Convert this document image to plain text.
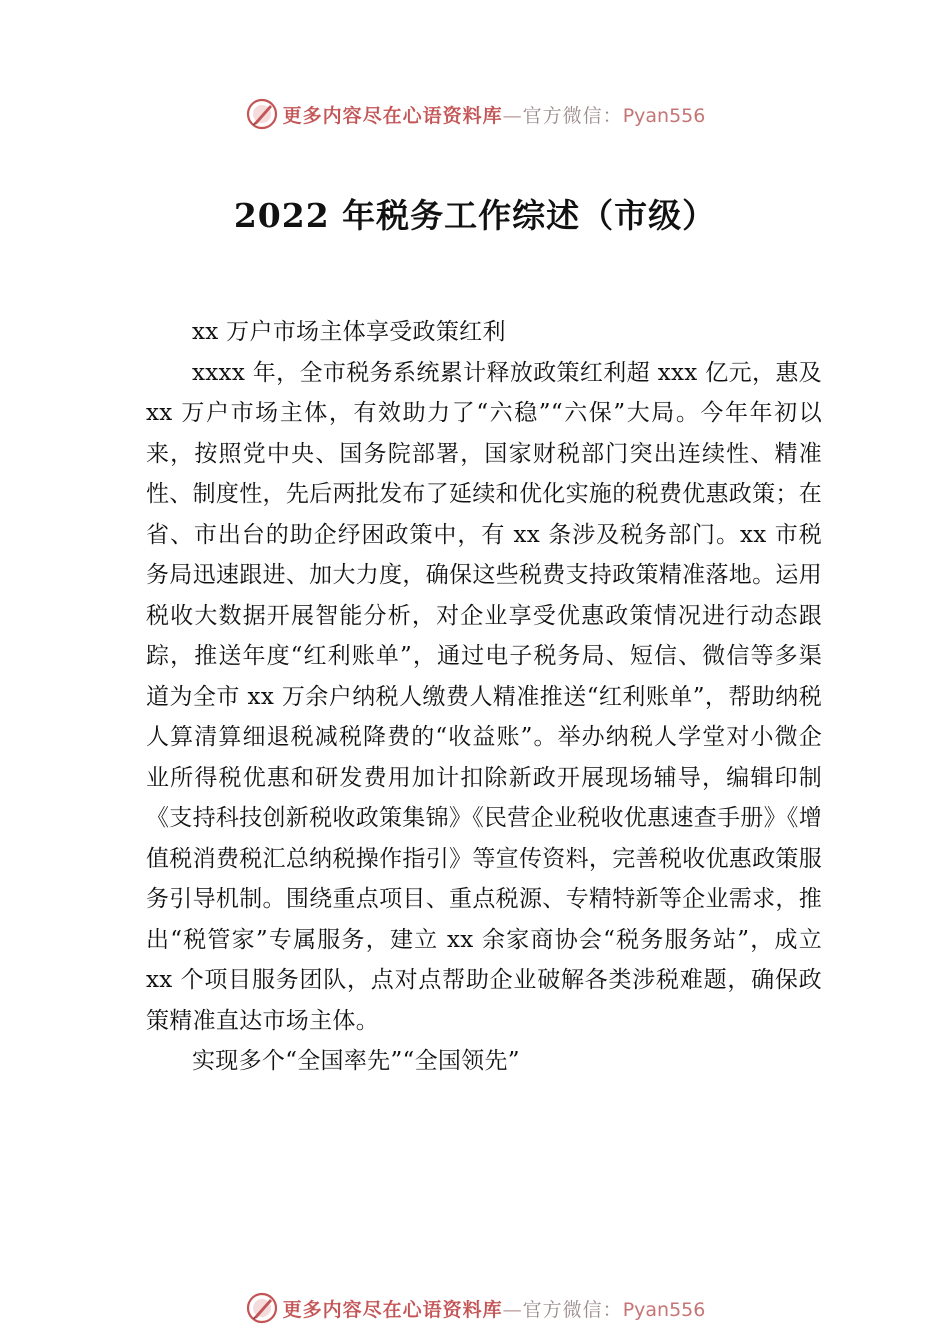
更多内容尽在心语资料库—官方微信：Pyan556
2022 年税务工作综述（市级）

xx 万户市场主体享受政策红利

xxxx 年，全市税务系统累计释放政策红利超 xxx 亿元，惠及 xx 万户市场主体，有效助力了“六稳”“六保”大局。今年年初以来，按照党中央、国务院部署，国家财税部门突出连续性、精准性、制度性，先后两批发布了延续和优化实施的税费优惠政策；在省、市出台的助企纾困政策中，有 xx 条涉及税务部门。xx 市税务局迅速跟进、加大力度，确保这些税费支持政策精准落地。运用税收大数据开展智能分析，对企业享受优惠政策情况进行动态跟踪，推送年度“红利账单”，通过电子税务局、短信、微信等多渠道为全市 xx 万余户纳税人缴费人精准推送“红利账单”，帮助纳税人算清算细退税减税降费的“收益账”。举办纳税人学堂对小微企业所得税优惠和研发费用加计扣除新政开展现场辅导，编辑印制《支持科技创新税收政策集锦》《民营企业税收优惠速查手册》《增值税消费税汇总纳税操作指引》等宣传资料，完善税收优惠政策服务引导机制。围绕重点项目、重点税源、专精特新等企业需求，推出“税管家”专属服务，建立 xx 余家商协会“税务服务站”，成立 xx 个项目服务团队，点对点帮助企业破解各类涉税难题，确保政策精准直达市场主体。

实现多个“全国率先”“全国领先”

更多内容尽在心语资料库—官方微信：Pyan556
